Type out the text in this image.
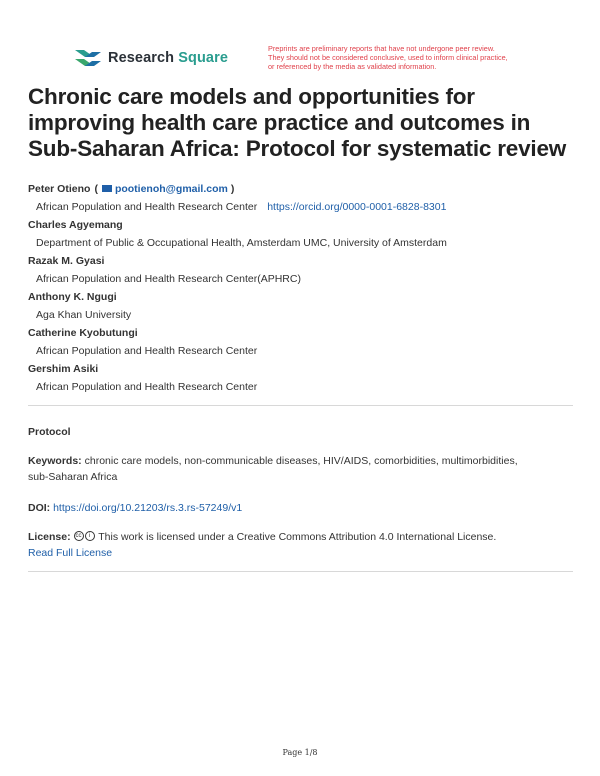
Research Square
Preprints are preliminary reports that have not undergone peer review.
They should not be considered conclusive, used to inform clinical practice,
or referenced by the media as validated information.
Chronic care models and opportunities for
improving health care practice and outcomes in
Sub-Saharan Africa: Protocol for systematic review
Peter Otieno (	pootienoh@gmail.com )
African Population and Health Research Center https://orcid.org/0000-0001-6828-8301
Charles Agyemang
Department of Public & Occupational Health, Amsterdam UMC, University of Amsterdam
Razak M. Gyasi
African Population and Health Research Center(APHRC)
Anthony K. Ngugi
Aga Khan University
Catherine Kyobutungi
African Population and Health Research Center
Gershim Asiki
African Population and Health Research Center
Protocol
Keywords: chronic care models, non-communicable diseases, HIV/AIDS, comorbidities, multimorbidities,
sub-Saharan Africa
DOI: https://doi.org/10.21203/rs.3.rs-57249/v1
License: cc i This work is licensed under a Creative Commons Attribution 4.0 International License.
Read Full License
Page 1/8
